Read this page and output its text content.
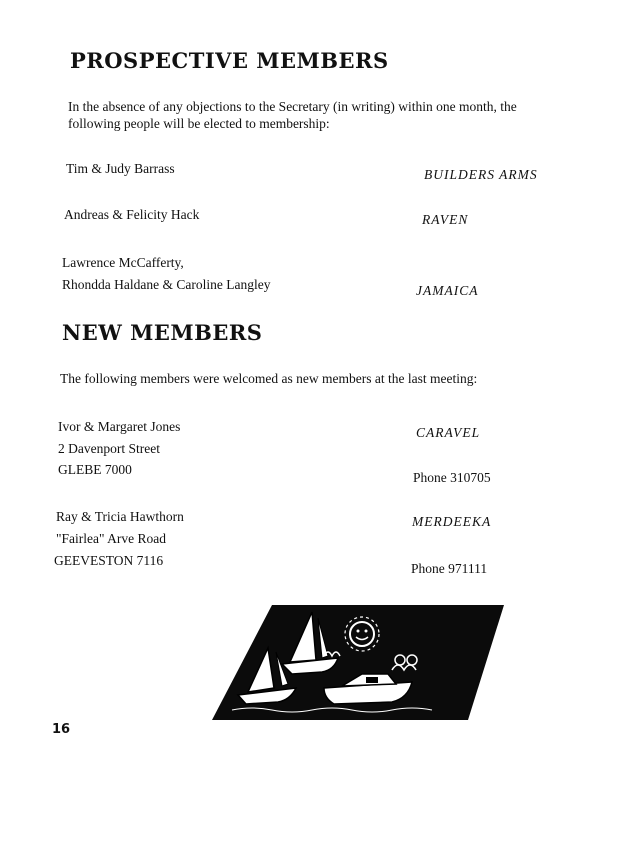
PROSPECTIVE MEMBERS
In the absence of any objections to the Secretary (in writing) within one month, the
following people will be elected to membership:
Tim & Judy Barrass	BUILDERS ARMS
Andreas & Felicity Hack	RAVEN
Lawrence McCafferty,
Rhondda Haldane & Caroline Langley	JAMAICA
NEW MEMBERS
The following members were welcomed as new members at the last meeting:
Ivor & Margaret Jones
2 Davenport Street
GLEBE 7000
CARAVEL
Phone 310705
Ray & Tricia Hawthorn
"Fairlea" Arve Road
GEEVESTON 7116
MERDEEKA
Phone 971111
16
